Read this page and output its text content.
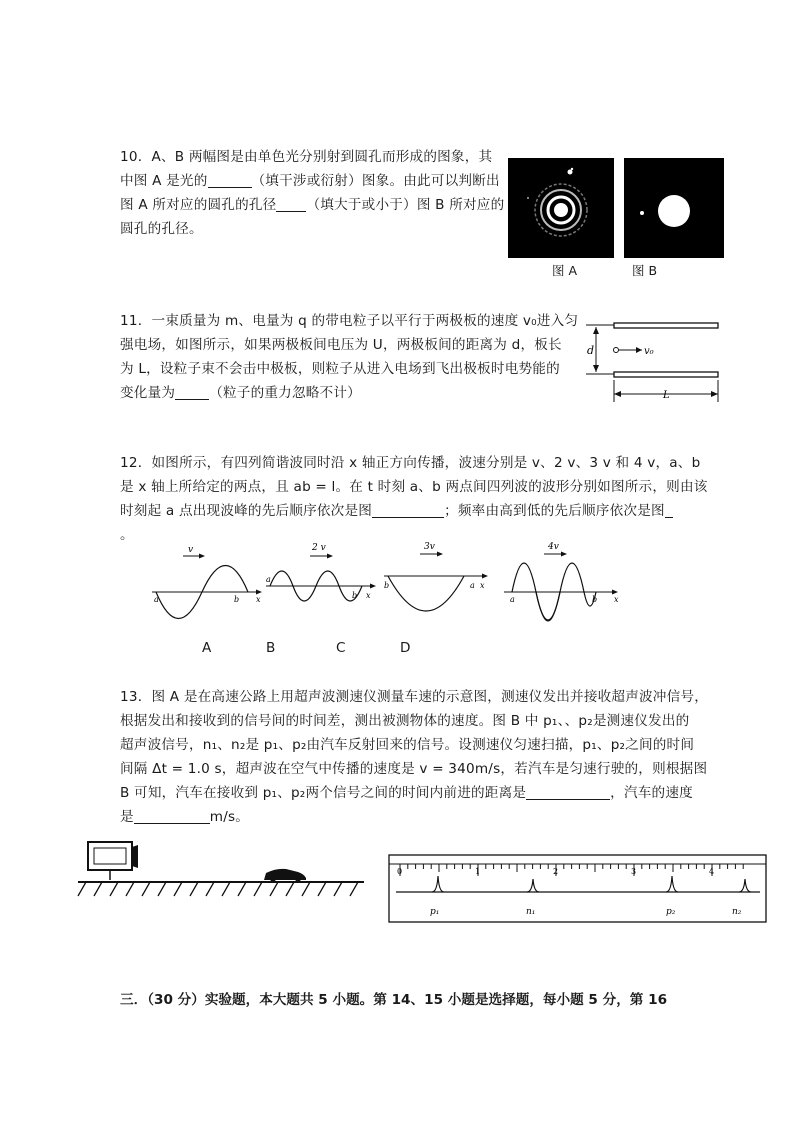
10．A、B 两幅图是由单色光分别射到圆孔而形成的图象，其

中图 A 是光的	（填干涉或衍射）图象。由此可以判断出

图 A 所对应的圆孔的孔径 （填大于或小于）图 B 所对应的

圆孔的孔径。

图 A	图 B

11．一束质量为 m、电量为 q 的带电粒子以平行于两极板的速度 v₀进入匀

强电场，如图所示，如果两极板间电压为 U，两极板间的距离为 d，板长

为 L，设粒子束不会击中极板，则粒子从进入电场到飞出极板时电势能的

变化量为	（粒子的重力忽略不计）

d	v₀
L

12．如图所示，有四列简谐波同时沿 x 轴正方向传播，波速分别是 v、2 v、3 v 和 4 v，a、b

是 x 轴上所给定的两点，且 ab = l。在 t 时刻 a、b 两点间四列波的波形分别如图所示，则由该

时刻起 a 点出现波峰的先后顺序依次是图	；频率由高到低的先后顺序依次是图

。

v
a	b x
2 v
a
b x
3v
b	a x
4v
a	b x
A	B	C	D

13．图 A 是在高速公路上用超声波测速仪测量车速的示意图，测速仪发出并接收超声波冲信号，

根据发出和接收到的信号间的时间差，测出被测物体的速度。图 B 中 p₁、、p₂是测速仪发出的

超声波信号，n₁、n₂是 p₁、p₂由汽车反射回来的信号。设测速仪匀速扫描，p₁、p₂之间的时间

间隔 Δt = 1.0 s，超声波在空气中传播的速度是 v = 340m/s，若汽车是匀速行驶的，则根据图

B 可知，汽车在接收到 p₁、p₂两个信号之间的时间内前进的距离是	，汽车的速度

是	m/s。

0	1	2	3	4
p₁	n₁	p₂	n₂
三．（30 分）实验题，本大题共 5 小题。第 14、15 小题是选择题，每小题 5 分，第 16
